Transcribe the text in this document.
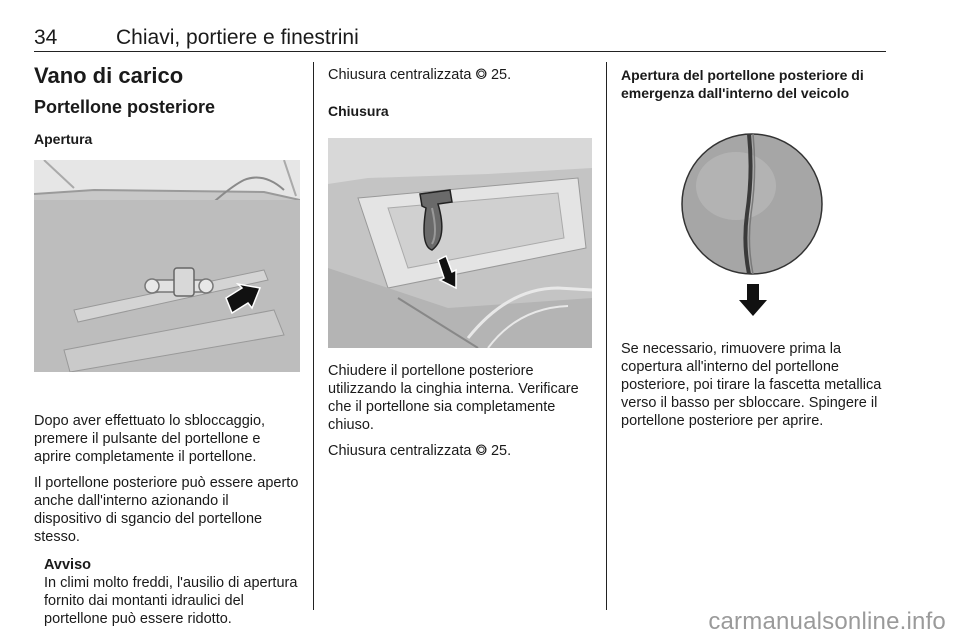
34	Chiavi, portiere e finestrini
Vano di carico
Portellone posteriore
Apertura

Dopo aver effettuato lo sbloccaggio, premere il pulsante del portellone e aprire completamente il portellone.

Il portellone posteriore può essere aperto anche dall'interno azionando il dispositivo di sgancio del portellone stesso.

Avviso

In climi molto freddi, l'ausilio di apertura fornito dai montanti idraulici del portellone può essere ridotto.

Chiusura centralizzata ⭗ 25.

Chiusura

Chiudere il portellone posteriore utilizzando la cinghia interna. Verificare che il portellone sia completamente chiuso.

Chiusura centralizzata ⭗ 25.

Apertura del portellone posteriore di emergenza dall'interno del veicolo

Se necessario, rimuovere prima la copertura all'interno del portellone posteriore, poi tirare la fascetta metallica verso il basso per sbloccare. Spingere il portellone posteriore per aprire.

carmanualsonline.info
